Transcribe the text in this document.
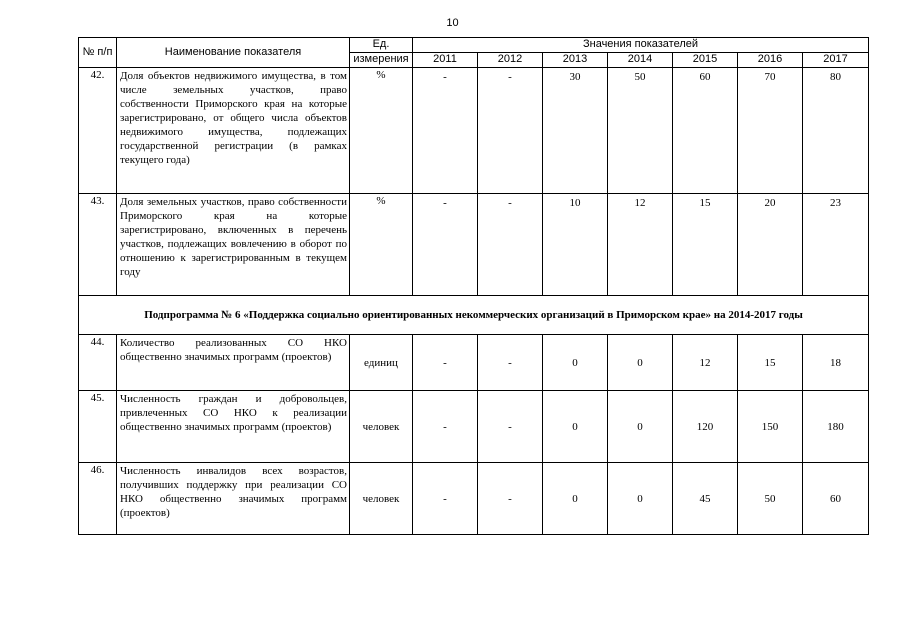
10
№ п/п	Наименование показателя	Ед.	Значения показателей						
		измерения	2011	2012	2013	2014	2015	2016	2017
42.	Доля объектов недвижимого имущества, в том числе земельных участков, право собственности Приморского края на которые зарегистрировано, от общего числа объектов недвижимого имущества, подлежащих государственной регистрации (в рамках текущего года)	%	-	-	30	50	60	70	80
43.	Доля земельных участков, право собственности Приморского края на которые зарегистрировано, включенных в перечень участков, подлежащих вовлечению в оборот по отношению к зарегистрированным в текущем году	%	-	-	10	12	15	20	23
Подпрограмма № 6 «Поддержка социально ориентированных некоммерческих организаций в Приморском крае» на 2014-2017 годы									
44.	Количество реализованных СО НКО общественно значимых программ (проектов)	единиц	-	-	0	0	12	15	18
45.	Численность граждан и добровольцев, привлеченных СО НКО к реализации общественно значимых программ (проектов)	человек	-	-	0	0	120	150	180
46.	Численность инвалидов всех возрастов, получивших поддержку при реализации СО НКО общественно значимых программ (проектов)	человек	-	-	0	0	45	50	60
